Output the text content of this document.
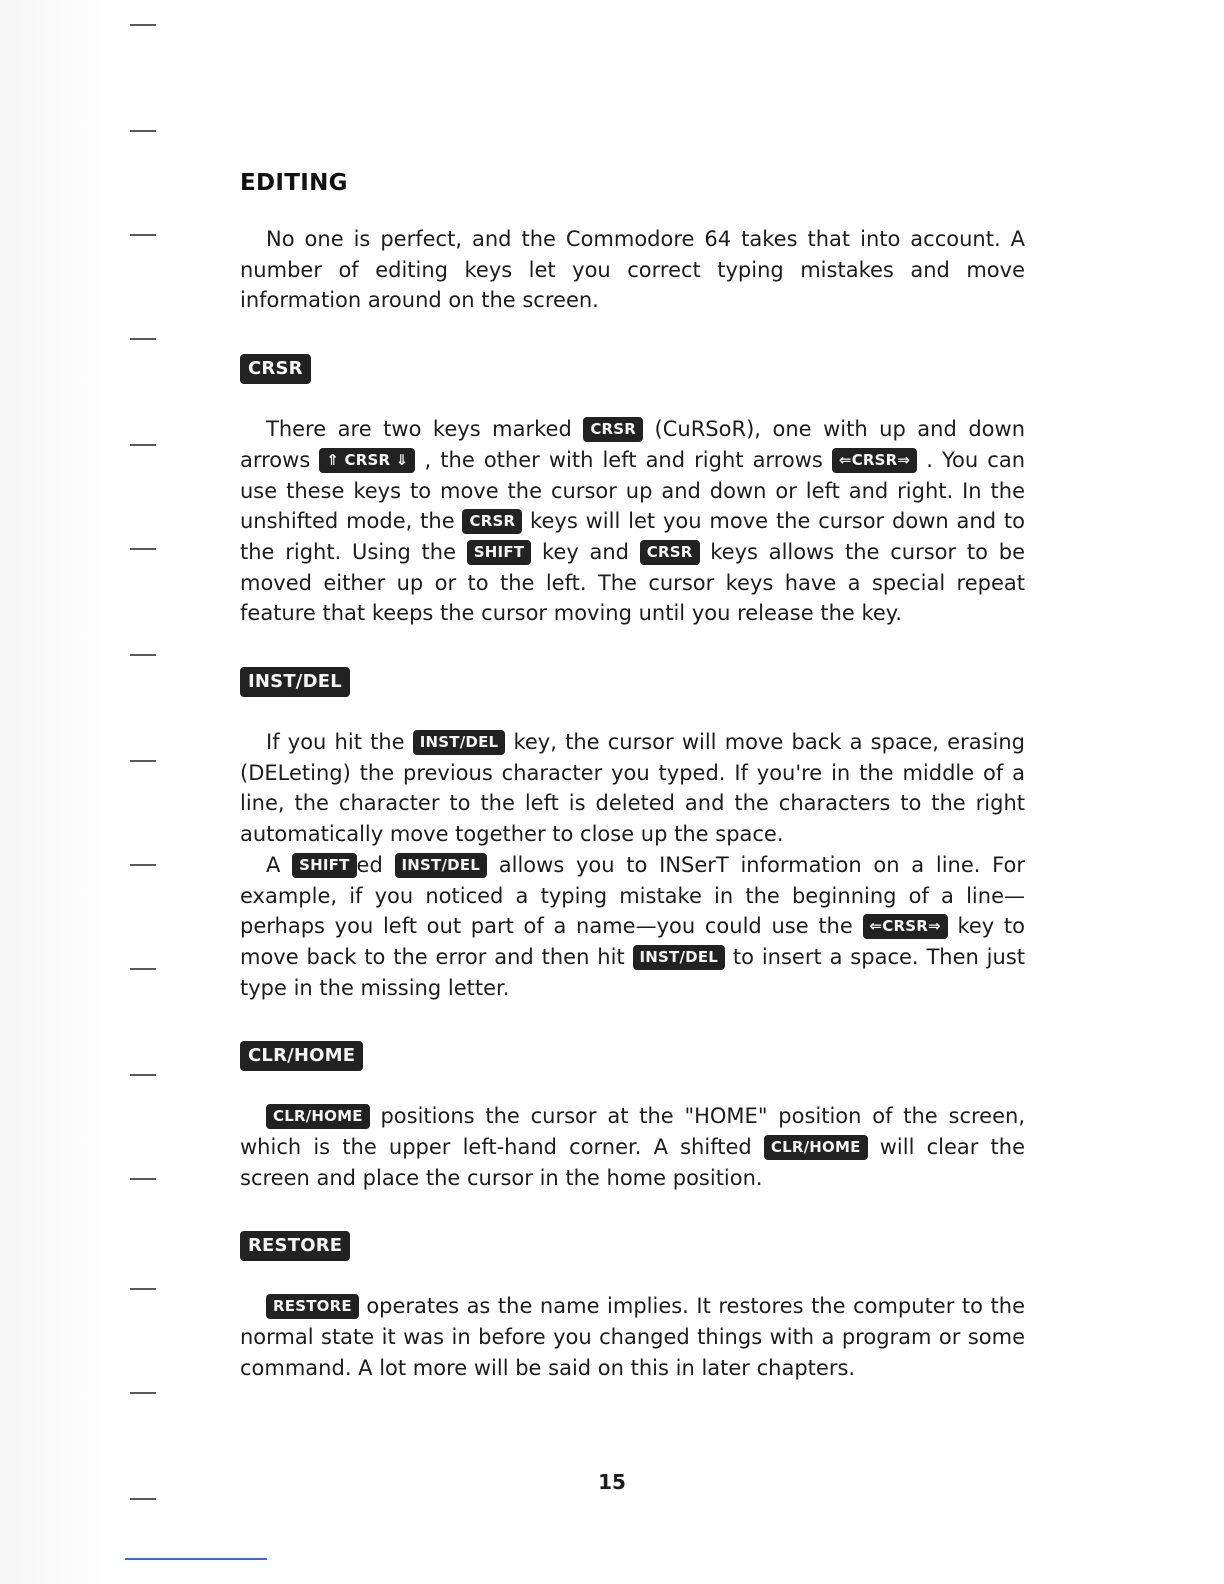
EDITING

No one is perfect, and the Commodore 64 takes that into account. A number of editing keys let you correct typing mistakes and move information around on the screen.

CRSR

There are two keys marked CRSR (CuRSoR), one with up and down arrows ⇑ CRSR ⇓ , the other with left and right arrows ⇐CRSR⇒ . You can use these keys to move the cursor up and down or left and right. In the unshifted mode, the CRSR keys will let you move the cursor down and to the right. Using the SHIFT key and CRSR keys allows the cursor to be moved either up or to the left. The cursor keys have a special repeat feature that keeps the cursor moving until you release the key.

INST/DEL

If you hit the INST/DEL key, the cursor will move back a space, erasing (DELeting) the previous character you typed. If you're in the middle of a line, the character to the left is deleted and the characters to the right automatically move together to close up the space.

A SHIFT ed INST/DEL allows you to INSerT information on a line. For example, if you noticed a typing mistake in the beginning of a line—perhaps you left out part of a name—you could use the ⇐CRSR⇒ key to move back to the error and then hit INST/DEL to insert a space. Then just type in the missing letter.

CLR/HOME

CLR/HOME positions the cursor at the "HOME" position of the screen, which is the upper left-hand corner. A shifted CLR/HOME will clear the screen and place the cursor in the home position.

RESTORE

RESTORE operates as the name implies. It restores the computer to the normal state it was in before you changed things with a program or some command. A lot more will be said on this in later chapters.

15
